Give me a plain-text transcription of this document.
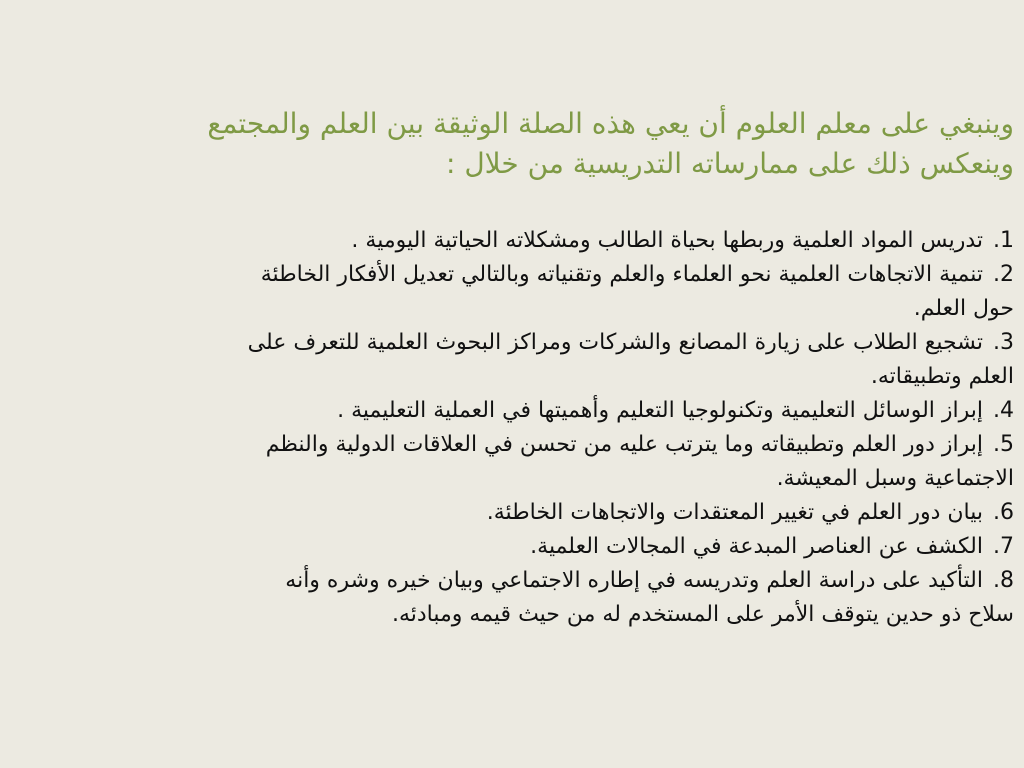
وينبغي على معلم العلوم أن يعي هذه الصلة الوثيقة بين العلم والمجتمع
وينعكس ذلك على ممارساته التدريسية من خلال :
1.تدريس المواد العلمية وربطها بحياة الطالب ومشكلاته الحياتية اليومية .
2.تنمية الاتجاهات العلمية نحو العلماء والعلم وتقنياته وبالتالي تعديل الأفكار الخاطئة
حول العلم.
3.تشجيع الطلاب على زيارة المصانع والشركات ومراكز البحوث العلمية للتعرف على
العلم وتطبيقاته.
4.إبراز الوسائل التعليمية وتكنولوجيا التعليم وأهميتها في العملية التعليمية .
5.إبراز دور العلم وتطبيقاته وما يترتب عليه من تحسن في العلاقات الدولية والنظم
الاجتماعية وسبل المعيشة.
6.بيان دور العلم في تغيير المعتقدات والاتجاهات الخاطئة.
7.الكشف عن العناصر المبدعة في المجالات العلمية.
8.التأكيد على دراسة العلم وتدريسه في إطاره الاجتماعي وبيان خيره وشره وأنه
سلاح ذو حدين يتوقف الأمر على المستخدم له من حيث قيمه ومبادئه.
